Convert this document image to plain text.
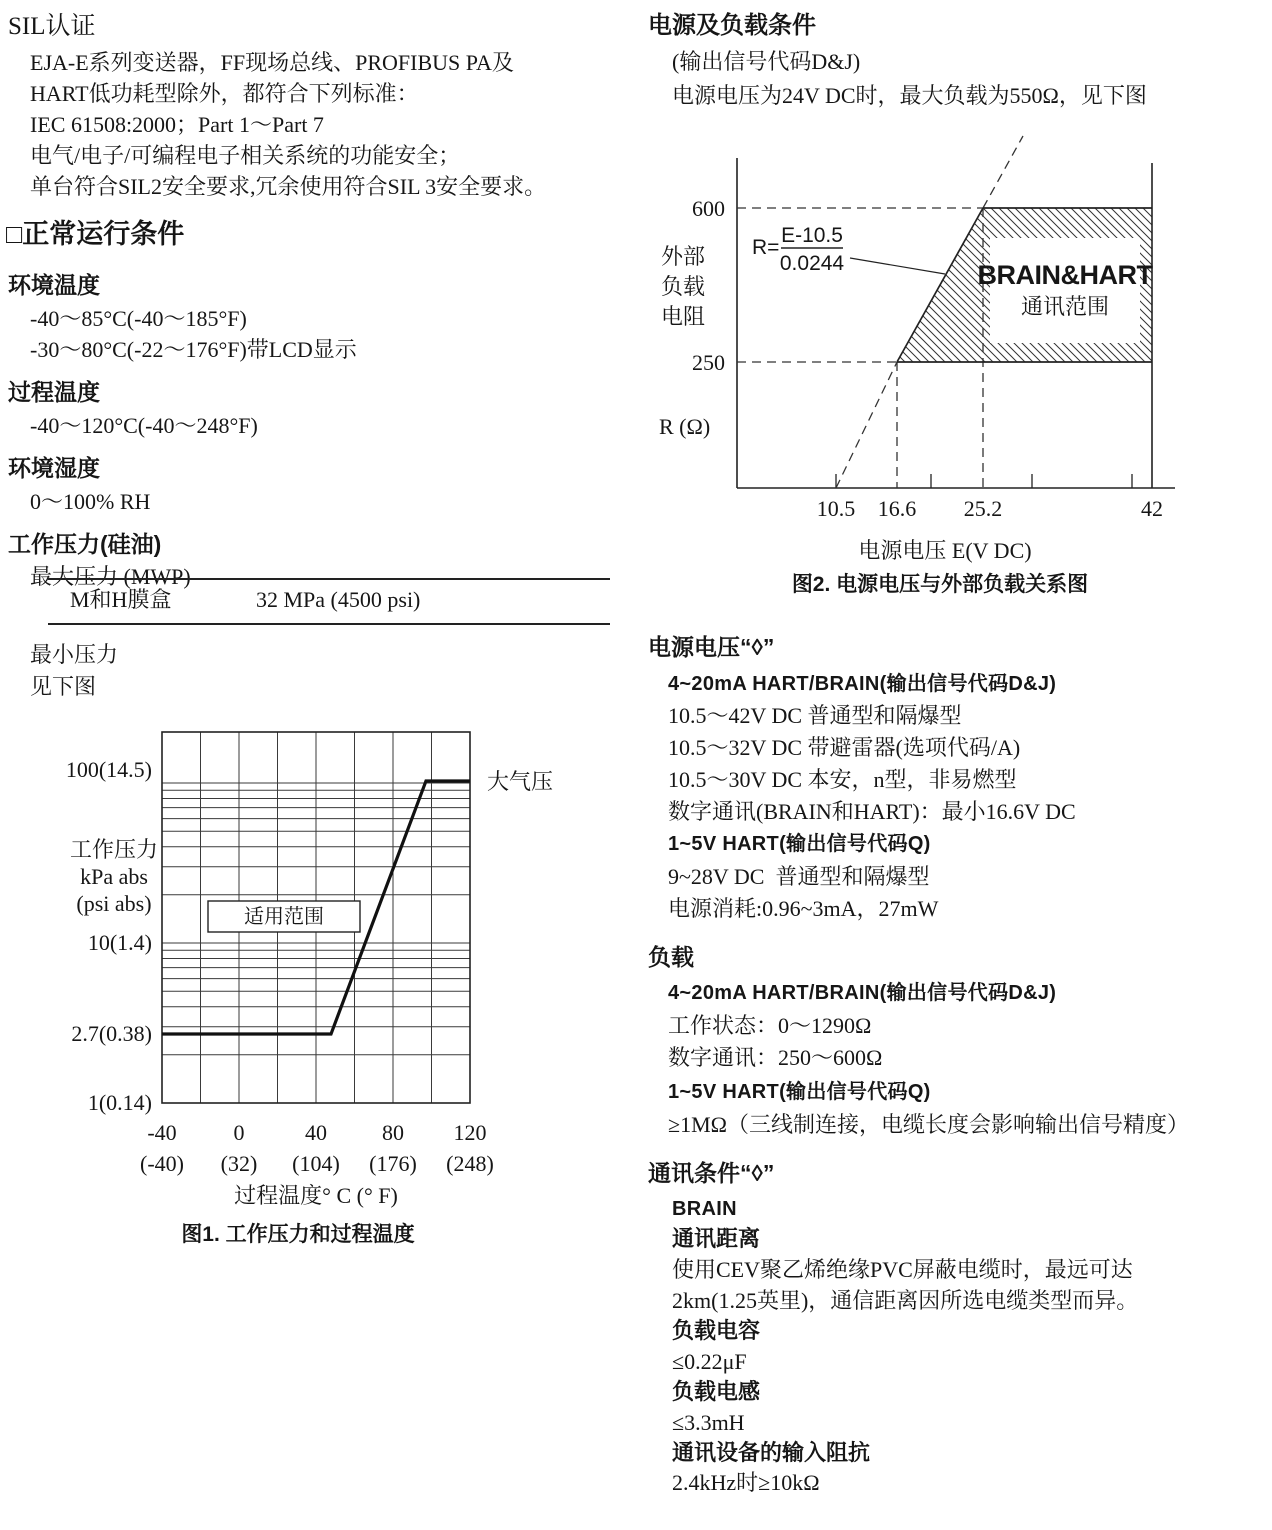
SIL认证
EJA-E系列变送器，FF现场总线、PROFIBUS PA及
HART低功耗型除外，都符合下列标准：
IEC 61508:2000；Part 1～Part 7
电气/电子/可编程电子相关系统的功能安全；
单台符合SIL2安全要求,冗余使用符合SIL 3安全要求。
□正常运行条件
环境温度
-40～85°C(-40～185°F)
-30～80°C(-22～176°F)带LCD显示
过程温度
-40～120°C(-40～248°F)
环境湿度
0～100% RH
工作压力(硅油)
最大压力 (MWP)
M和H膜盒	32 MPa (4500 psi)
最小压力
见下图
适用范围
大气压
100(14.5)
10(1.4)
2.7(0.38)
1(0.14)
工作压力
kPa abs
(psi abs)
-40	0	40	80 120
(-40) (32) (104) (176) (248)
过程温度° C (° F)
图1. 工作压力和过程温度
电源及负载条件
(输出信号代码D&J)
电源电压为24V DC时，最大负载为550Ω，见下图
R=
E-10.5
0.0244	BRAIN&HART
通讯范围
600
250
外部
负载
电阻
R (Ω)
10.5 16.6 25.2	42
电源电压 E(V DC)
图2. 电源电压与外部负载关系图
电源电压“◊”
4~20mA HART/BRAIN(输出信号代码D&J)
10.5～42V DC 普通型和隔爆型
10.5～32V DC 带避雷器(选项代码/A)
10.5～30V DC 本安，n型，非易燃型
数字通讯(BRAIN和HART)：最小16.6V DC
1~5V HART(输出信号代码Q)
9~28V DC  普通型和隔爆型
电源消耗:0.96~3mA，27mW
负载
4~20mA HART/BRAIN(输出信号代码D&J)
工作状态：0～1290Ω
数字通讯：250～600Ω
1~5V HART(输出信号代码Q)
≥1MΩ（三线制连接，电缆长度会影响输出信号精度）
通讯条件“◊”
BRAIN
通讯距离
使用CEV聚乙烯绝缘PVC屏蔽电缆时，最远可达
2km(1.25英里)，通信距离因所选电缆类型而异。
负载电容
≤0.22μF
负载电感
≤3.3mH
通讯设备的输入阻抗
2.4kHz时≥10kΩ
